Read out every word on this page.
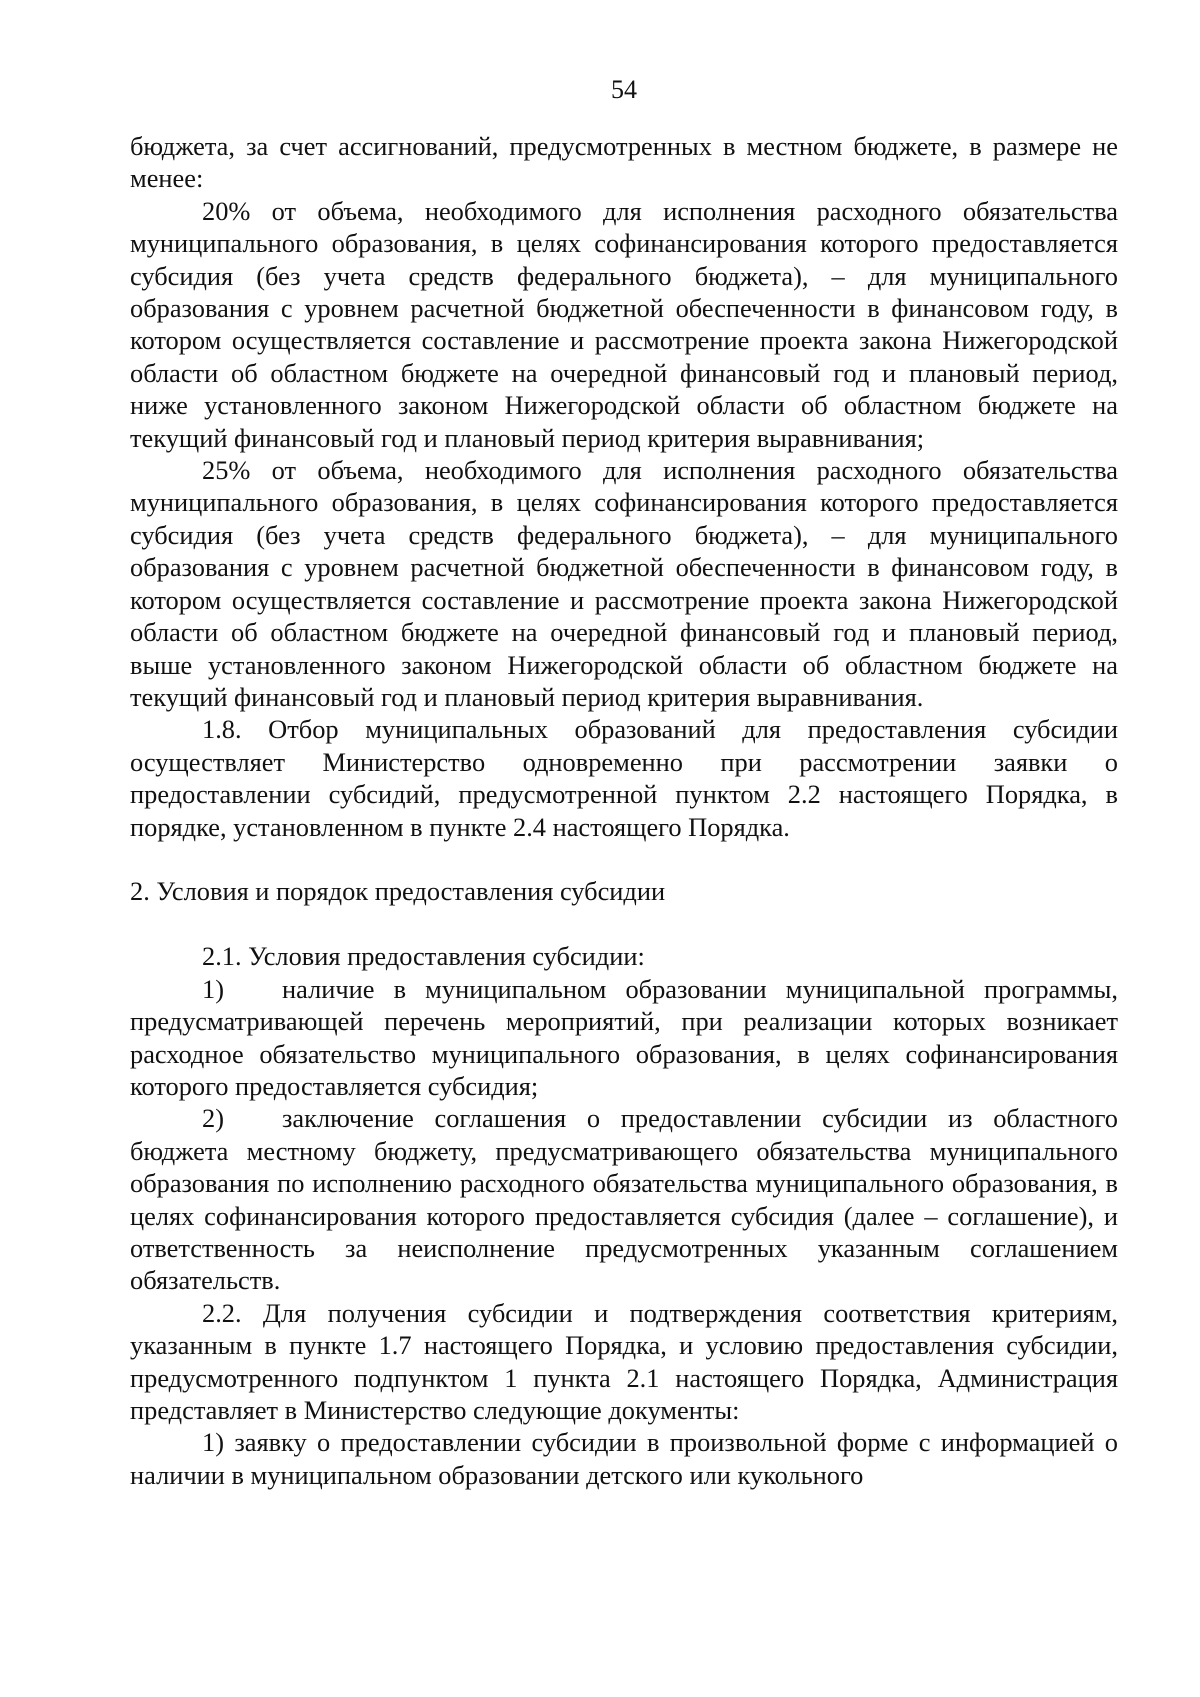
54

бюджета, за счет ассигнований, предусмотренных в местном бюджете, в размере не менее:

20% от объема, необходимого для исполнения расходного обязательства муниципального образования, в целях софинансирования которого предоставляется субсидия (без учета средств федерального бюджета), – для муниципального образования с уровнем расчетной бюджетной обеспеченности в финансовом году, в котором осуществляется составление и рассмотрение проекта закона Нижегородской области об областном бюджете на очередной финансовый год и плановый период, ниже установленного законом Нижегородской области об областном бюджете на текущий финансовый год и плановый период критерия выравнивания;

25% от объема, необходимого для исполнения расходного обязательства муниципального образования, в целях софинансирования которого предоставляется субсидия (без учета средств федерального бюджета), – для муниципального образования с уровнем расчетной бюджетной обеспеченности в финансовом году, в котором осуществляется составление и рассмотрение проекта закона Нижегородской области об областном бюджете на очередной финансовый год и плановый период, выше установленного законом Нижегородской области об областном бюджете на текущий финансовый год и плановый период критерия выравнивания.

1.8. Отбор муниципальных образований для предоставления субсидии осуществляет Министерство одновременно при рассмотрении заявки о предоставлении субсидий, предусмотренной пунктом 2.2 настоящего Порядка, в порядке, установленном в пункте 2.4 настоящего Порядка.

2. Условия и порядок предоставления субсидии

2.1. Условия предоставления субсидии:

1) наличие в муниципальном образовании муниципальной программы, предусматривающей перечень мероприятий, при реализации которых возникает расходное обязательство муниципального образования, в целях софинансирования которого предоставляется субсидия;

2) заключение соглашения о предоставлении субсидии из областного бюджета местному бюджету, предусматривающего обязательства муниципального образования по исполнению расходного обязательства муниципального образования, в целях софинансирования которого предоставляется субсидия (далее – соглашение), и ответственность за неисполнение предусмотренных указанным соглашением обязательств.

2.2. Для получения субсидии и подтверждения соответствия критериям, указанным в пункте 1.7 настоящего Порядка, и условию предоставления субсидии, предусмотренного подпунктом 1 пункта 2.1 настоящего Порядка, Администрация представляет в Министерство следующие документы:

1) заявку о предоставлении субсидии в произвольной форме с информацией о наличии в муниципальном образовании детского или кукольного
